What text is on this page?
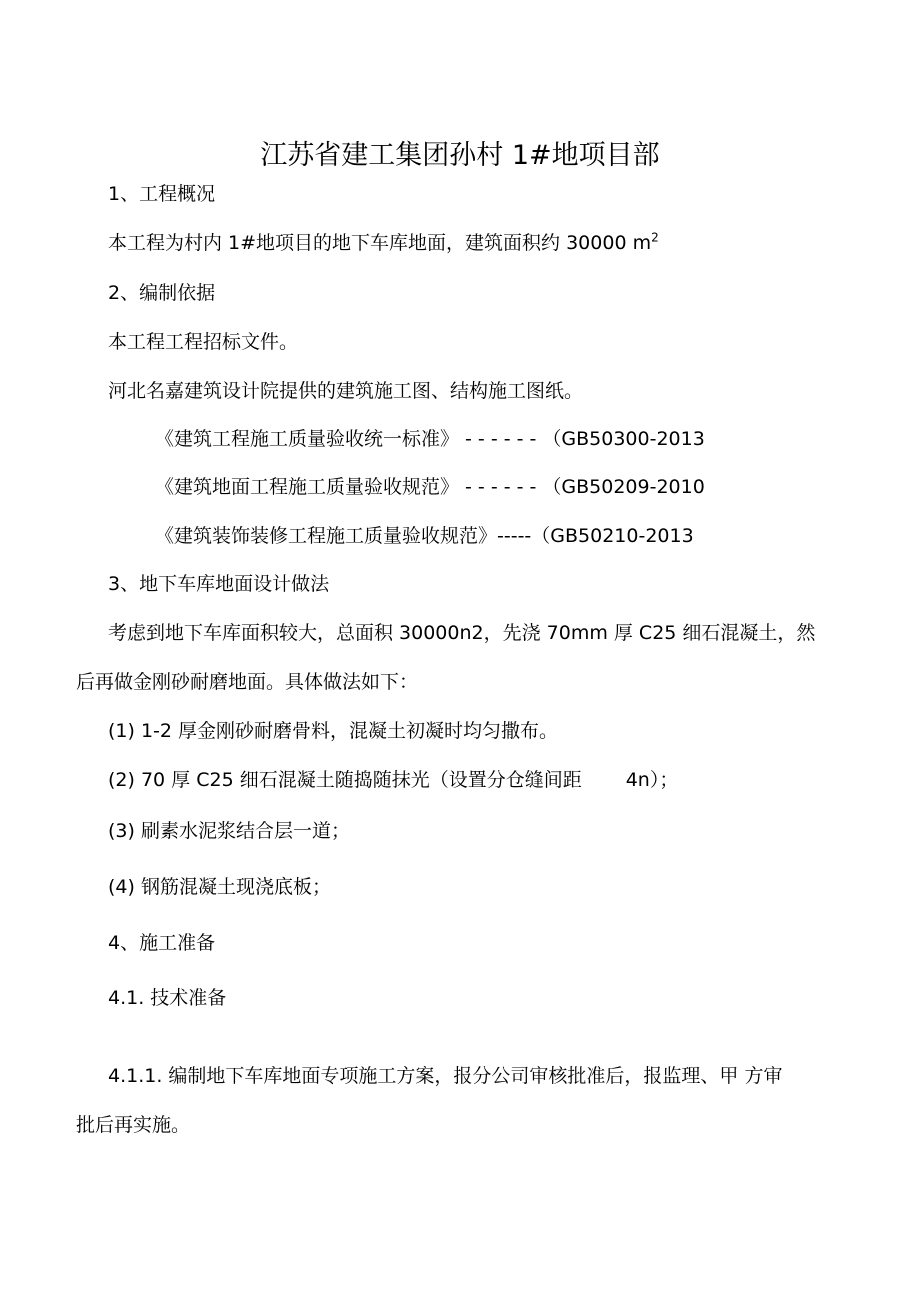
江苏省建工集团孙村 1#地项目部
1、工程概况
本工程为村内 1#地项目的地下车库地面，建筑面积约 30000 $m^2$
2、编制依据
本工程工程招标文件。
河北名嘉建筑设计院提供的建筑施工图、结构施工图纸。
《建筑工程施工质量验收统一标准》 - - - - - - （GB50300-2013
《建筑地面工程施工质量验收规范》 - - - - - - （GB50209-2010
《建筑装饰装修工程施工质量验收规范》-----（GB50210-2013
3、地下车库地面设计做法
考虑到地下车库面积较大，总面积 30000n2，先浇 70mm 厚 C25 细石混凝土，然
后再做金刚砂耐磨地面。具体做法如下：
(1) 1-2 厚金刚砂耐磨骨料，混凝土初凝时均匀撒布。
(2) 70 厚 C25 细石混凝土随捣随抹光（设置分仓缝间距 4n）；
(3) 刷素水泥浆结合层一道；
(4) 钢筋混凝土现浇底板；
4、施工准备
4.1. 技术准备
4.1.1. 编制地下车库地面专项施工方案，报分公司审核批准后，报监理、甲 方审
批后再实施。
